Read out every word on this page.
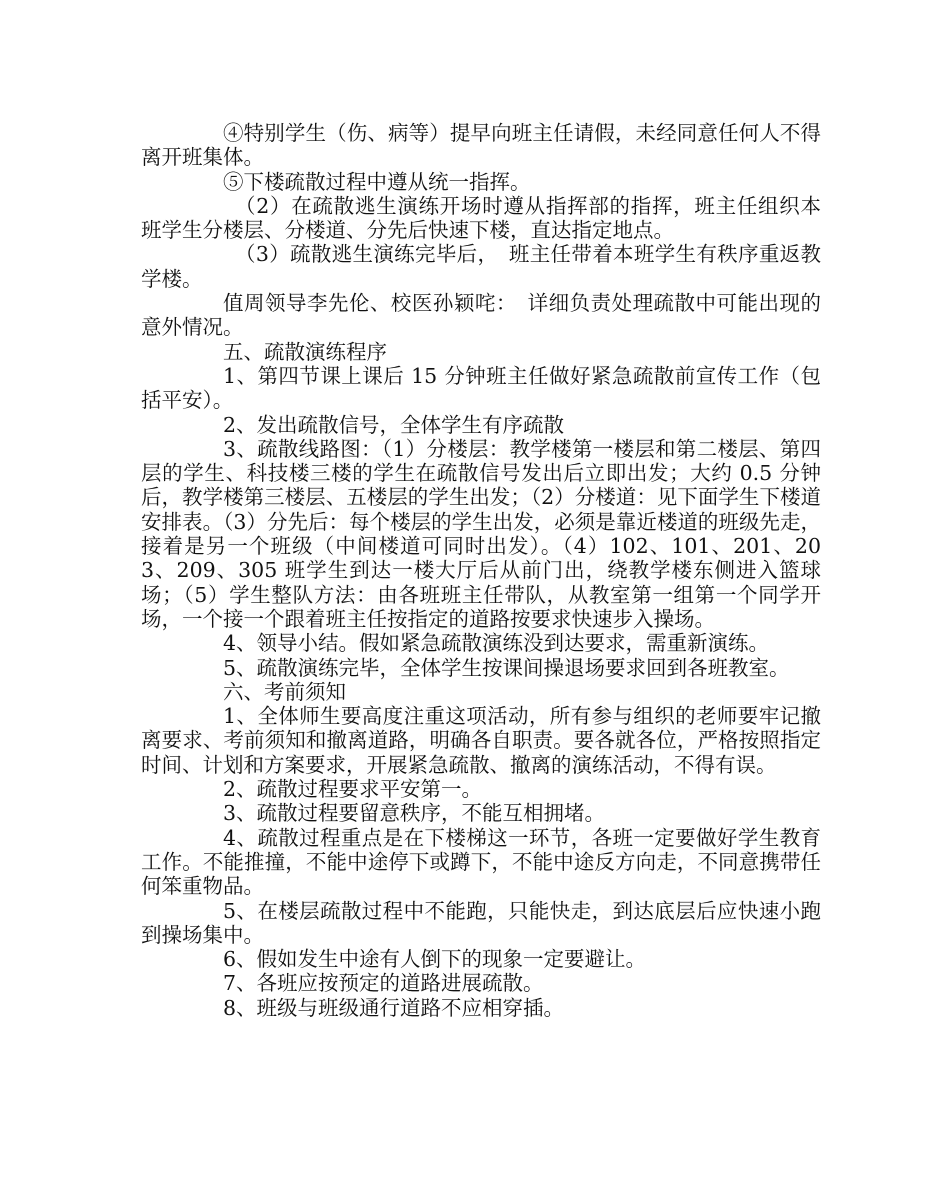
④特别学生（伤、病等）提早向班主任请假，未经同意任何人不得离开班集体。

⑤下楼疏散过程中遵从统一指挥。

（2）在疏散逃生演练开场时遵从指挥部的指挥，班主任组织本班学生分楼层、分楼道、分先后快速下楼，直达指定地点。

（3）疏散逃生演练完毕后，　班主任带着本班学生有秩序重返教学楼。

值周领导李先伦、校医孙颖咤：　详细负责处理疏散中可能出现的意外情况。

五、疏散演练程序

1、第四节课上课后 15 分钟班主任做好紧急疏散前宣传工作（包括平安）。

2、发出疏散信号，全体学生有序疏散

3、疏散线路图：（1）分楼层：教学楼第一楼层和第二楼层、第四层的学生、科技楼三楼的学生在疏散信号发出后立即出发；大约 0.5 分钟后，教学楼第三楼层、五楼层的学生出发；（2）分楼道：见下面学生下楼道安排表。（3）分先后：每个楼层的学生出发，必须是靠近楼道的班级先走，接着是另一个班级（中间楼道可同时出发）。（4）102、101、201、203、209、305 班学生到达一楼大厅后从前门出，绕教学楼东侧进入篮球场；（5）学生整队方法：由各班班主任带队，从教室第一组第一个同学开场，一个接一个跟着班主任按指定的道路按要求快速步入操场。

4、领导小结。假如紧急疏散演练没到达要求，需重新演练。

5、疏散演练完毕，全体学生按课间操退场要求回到各班教室。

六、考前须知

1、全体师生要高度注重这项活动，所有参与组织的老师要牢记撤离要求、考前须知和撤离道路，明确各自职责。要各就各位，严格按照指定时间、计划和方案要求，开展紧急疏散、撤离的演练活动，不得有误。

2、疏散过程要求平安第一。

3、疏散过程要留意秩序，不能互相拥堵。

4、疏散过程重点是在下楼梯这一环节，各班一定要做好学生教育工作。不能推撞，不能中途停下或蹲下，不能中途反方向走，不同意携带任何笨重物品。

5、在楼层疏散过程中不能跑，只能快走，到达底层后应快速小跑到操场集中。

6、假如发生中途有人倒下的现象一定要避让。

7、各班应按预定的道路进展疏散。

8、班级与班级通行道路不应相穿插。
